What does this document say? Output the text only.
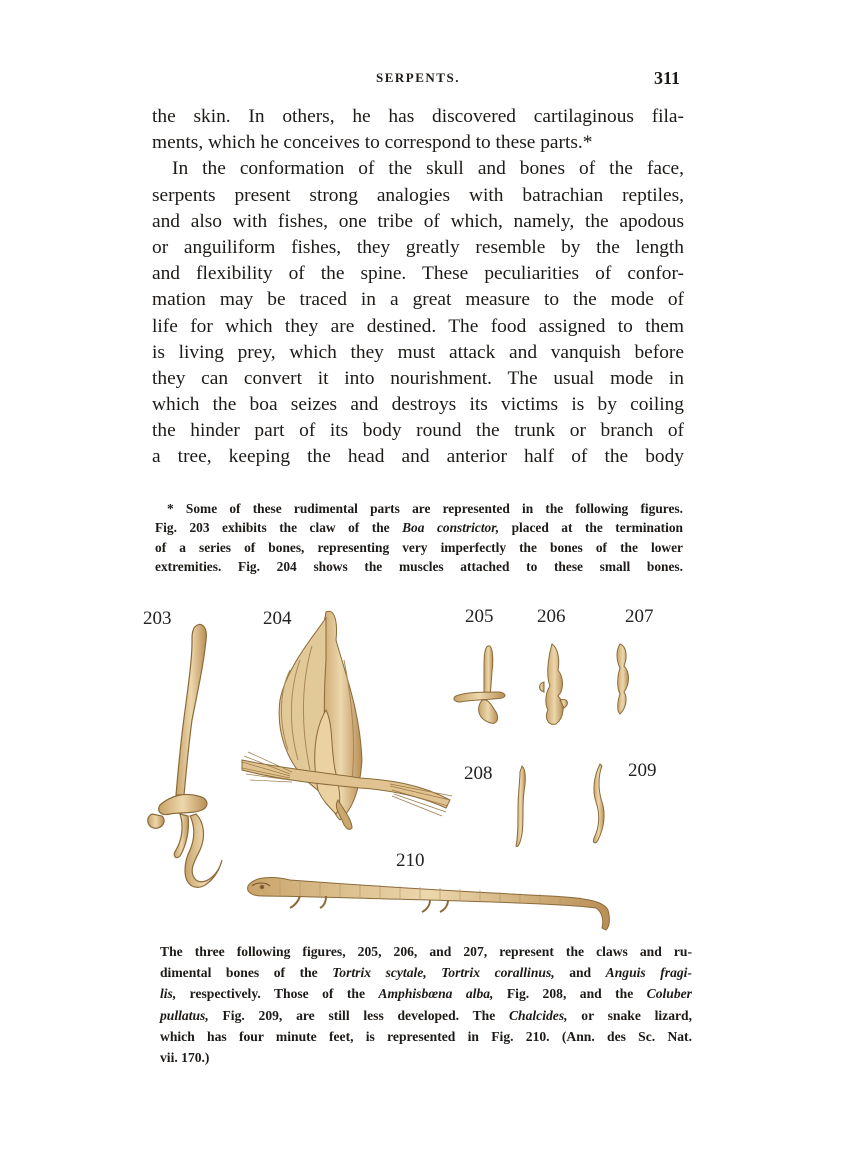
SERPENTS.	311
the skin. In others, he has discovered cartilaginous fila-
ments, which he conceives to correspond to these parts.*
In the conformation of the skull and bones of the face,
serpents present strong analogies with batrachian reptiles,
and also with fishes, one tribe of which, namely, the apodous
or anguiliform fishes, they greatly resemble by the length
and flexibility of the spine. These peculiarities of confor-
mation may be traced in a great measure to the mode of
life for which they are destined. The food assigned to them
is living prey, which they must attack and vanquish before
they can convert it into nourishment. The usual mode in
which the boa seizes and destroys its victims is by coiling
the hinder part of its body round the trunk or branch of
a tree, keeping the head and anterior half of the body
* Some of these rudimental parts are represented in the following figures.
Fig. 203 exhibits the claw of the Boa constrictor, placed at the termination
of a series of bones, representing very imperfectly the bones of the lower
extremities. Fig. 204 shows the muscles attached to these small bones.
203	204	205 206	207
208	209
210
The three following figures, 205, 206, and 207, represent the claws and ru-
dimental bones of the Tortrix scytale, Tortrix corallinus, and Anguis fragi-
lis, respectively. Those of the Amphisbœna alba, Fig. 208, and the Coluber
pullatus, Fig. 209, are still less developed. The Chalcides, or snake lizard,
which has four minute feet, is represented in Fig. 210. (Ann. des Sc. Nat.
vii. 170.)
